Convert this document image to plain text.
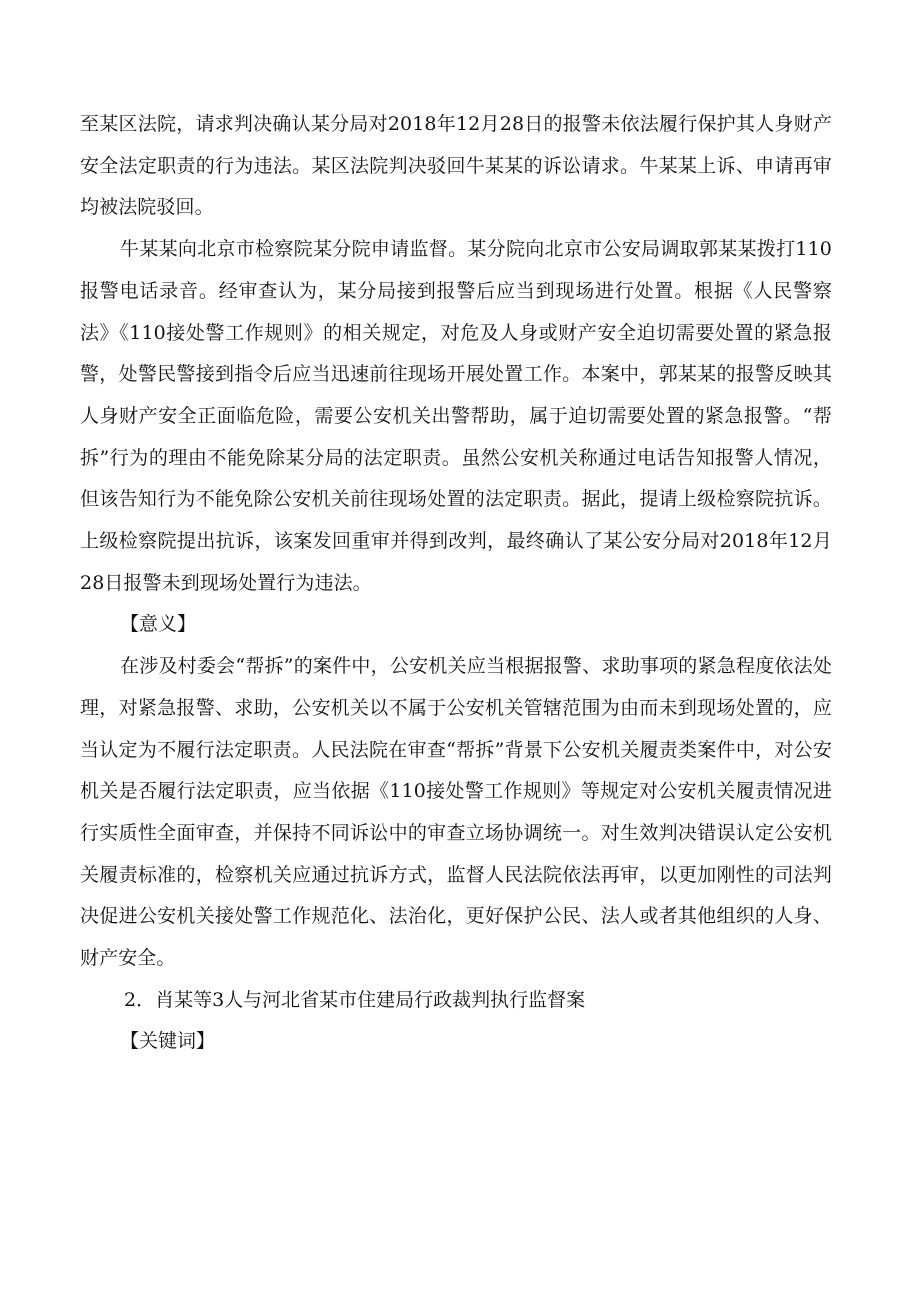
至某区法院，请求判决确认某分局对2018年12月28日的报警未依法履行保护其人身财产安全法定职责的行为违法。某区法院判决驳回牛某某的诉讼请求。牛某某上诉、申请再审均被法院驳回。

牛某某向北京市检察院某分院申请监督。某分院向北京市公安局调取郭某某拨打110报警电话录音。经审查认为，某分局接到报警后应当到现场进行处置。根据《人民警察法》《110接处警工作规则》的相关规定，对危及人身或财产安全迫切需要处置的紧急报警，处警民警接到指令后应当迅速前往现场开展处置工作。本案中，郭某某的报警反映其人身财产安全正面临危险，需要公安机关出警帮助，属于迫切需要处置的紧急报警。“帮拆”行为的理由不能免除某分局的法定职责。虽然公安机关称通过电话告知报警人情况，但该告知行为不能免除公安机关前往现场处置的法定职责。据此，提请上级检察院抗诉。上级检察院提出抗诉，该案发回重审并得到改判，最终确认了某公安分局对2018年12月28日报警未到现场处置行为违法。

【意义】

在涉及村委会“帮拆”的案件中，公安机关应当根据报警、求助事项的紧急程度依法处理，对紧急报警、求助，公安机关以不属于公安机关管辖范围为由而未到现场处置的，应当认定为不履行法定职责。人民法院在审查“帮拆”背景下公安机关履责类案件中，对公安机关是否履行法定职责，应当依据《110接处警工作规则》等规定对公安机关履责情况进行实质性全面审查，并保持不同诉讼中的审查立场协调统一。对生效判决错误认定公安机关履责标准的，检察机关应通过抗诉方式，监督人民法院依法再审，以更加刚性的司法判决促进公安机关接处警工作规范化、法治化，更好保护公民、法人或者其他组织的人身、财产安全。

2．肖某等3人与河北省某市住建局行政裁判执行监督案

【关键词】
